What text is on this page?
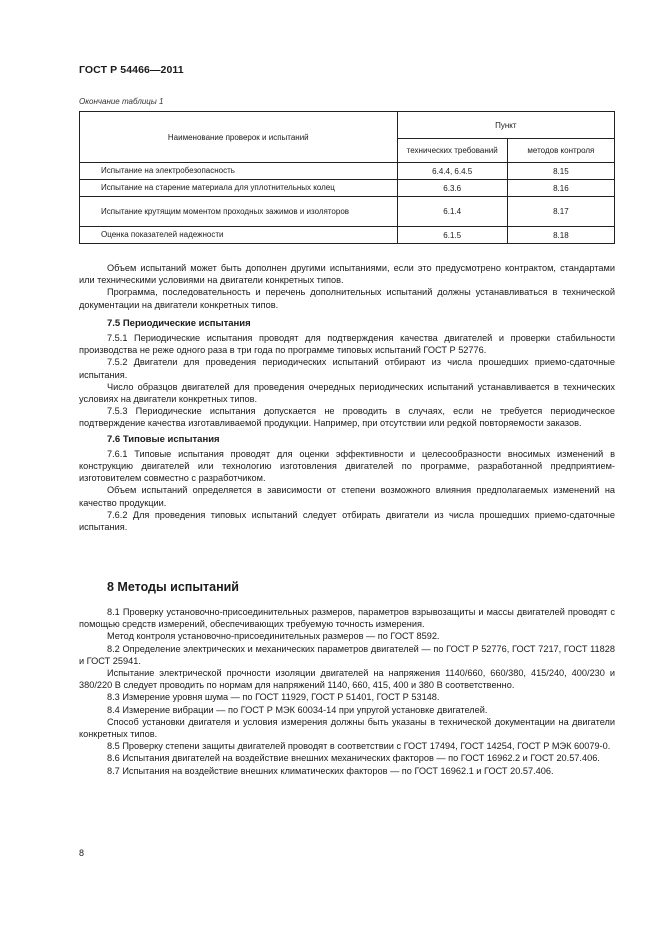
ГОСТ Р 54466—2011
Окончание таблицы 1
Наименование проверок и испытаний	Пункт	
	технических требований	методов контроля
Испытание на электробезопасность	6.4.4, 6.4.5	8.15
Испытание на старение материала для уплотнительных колец	6.3.6	8.16
Испытание крутящим моментом проходных зажимов и изоляторов	6.1.4	8.17
Оценка показателей надежности	6.1.5	8.18

Объем испытаний может быть дополнен другими испытаниями, если это предусмотрено контрактом, стандартами или техническими условиями на двигатели конкретных типов.

Программа, последовательность и перечень дополнительных испытаний должны устанавливаться в технической документации на двигатели конкретных типов.

7.5 Периодические испытания

7.5.1 Периодические испытания проводят для подтверждения качества двигателей и проверки стабильности производства не реже одного раза в три года по программе типовых испытаний ГОСТ Р 52776.

7.5.2 Двигатели для проведения периодических испытаний отбирают из числа прошедших приемо-сдаточные испытания.

Число образцов двигателей для проведения очередных периодических испытаний устанавливается в технических условиях на двигатели конкретных типов.

7.5.3 Периодические испытания допускается не проводить в случаях, если не требуется периодическое подтверждение качества изготавливаемой продукции. Например, при отсутствии или редкой повторяемости заказов.

7.6 Типовые испытания

7.6.1 Типовые испытания проводят для оценки эффективности и целесообразности вносимых изменений в конструкцию двигателей или технологию изготовления двигателей по программе, разработанной предприятием-изготовителем совместно с разработчиком.

Объем испытаний определяется в зависимости от степени возможного влияния предполагаемых изменений на качество продукции.

7.6.2 Для проведения типовых испытаний следует отбирать двигатели из числа прошедших приемо-сдаточные испытания.

8 Методы испытаний

8.1 Проверку установочно-присоединительных размеров, параметров взрывозащиты и массы двигателей проводят с помощью средств измерений, обеспечивающих требуемую точность измерения.

Метод контроля установочно-присоединительных размеров — по ГОСТ 8592.

8.2 Определение электрических и механических параметров двигателей — по ГОСТ Р 52776, ГОСТ 7217, ГОСТ 11828 и ГОСТ 25941.

Испытание электрической прочности изоляции двигателей на напряжения 1140/660, 660/380, 415/240, 400/230 и 380/220 В следует проводить по нормам для напряжений 1140, 660, 415, 400 и 380 В соответственно.

8.3 Измерение уровня шума — по ГОСТ 11929, ГОСТ Р 51401, ГОСТ Р 53148.

8.4 Измерение вибрации — по ГОСТ Р МЭК 60034-14 при упругой установке двигателей.

Способ установки двигателя и условия измерения должны быть указаны в технической документации на двигатели конкретных типов.

8.5 Проверку степени защиты двигателей проводят в соответствии с ГОСТ 17494, ГОСТ 14254, ГОСТ Р МЭК 60079-0.

8.6 Испытания двигателей на воздействие внешних механических факторов — по ГОСТ 16962.2 и ГОСТ 20.57.406.

8.7 Испытания на воздействие внешних климатических факторов — по ГОСТ 16962.1 и ГОСТ 20.57.406.

8
